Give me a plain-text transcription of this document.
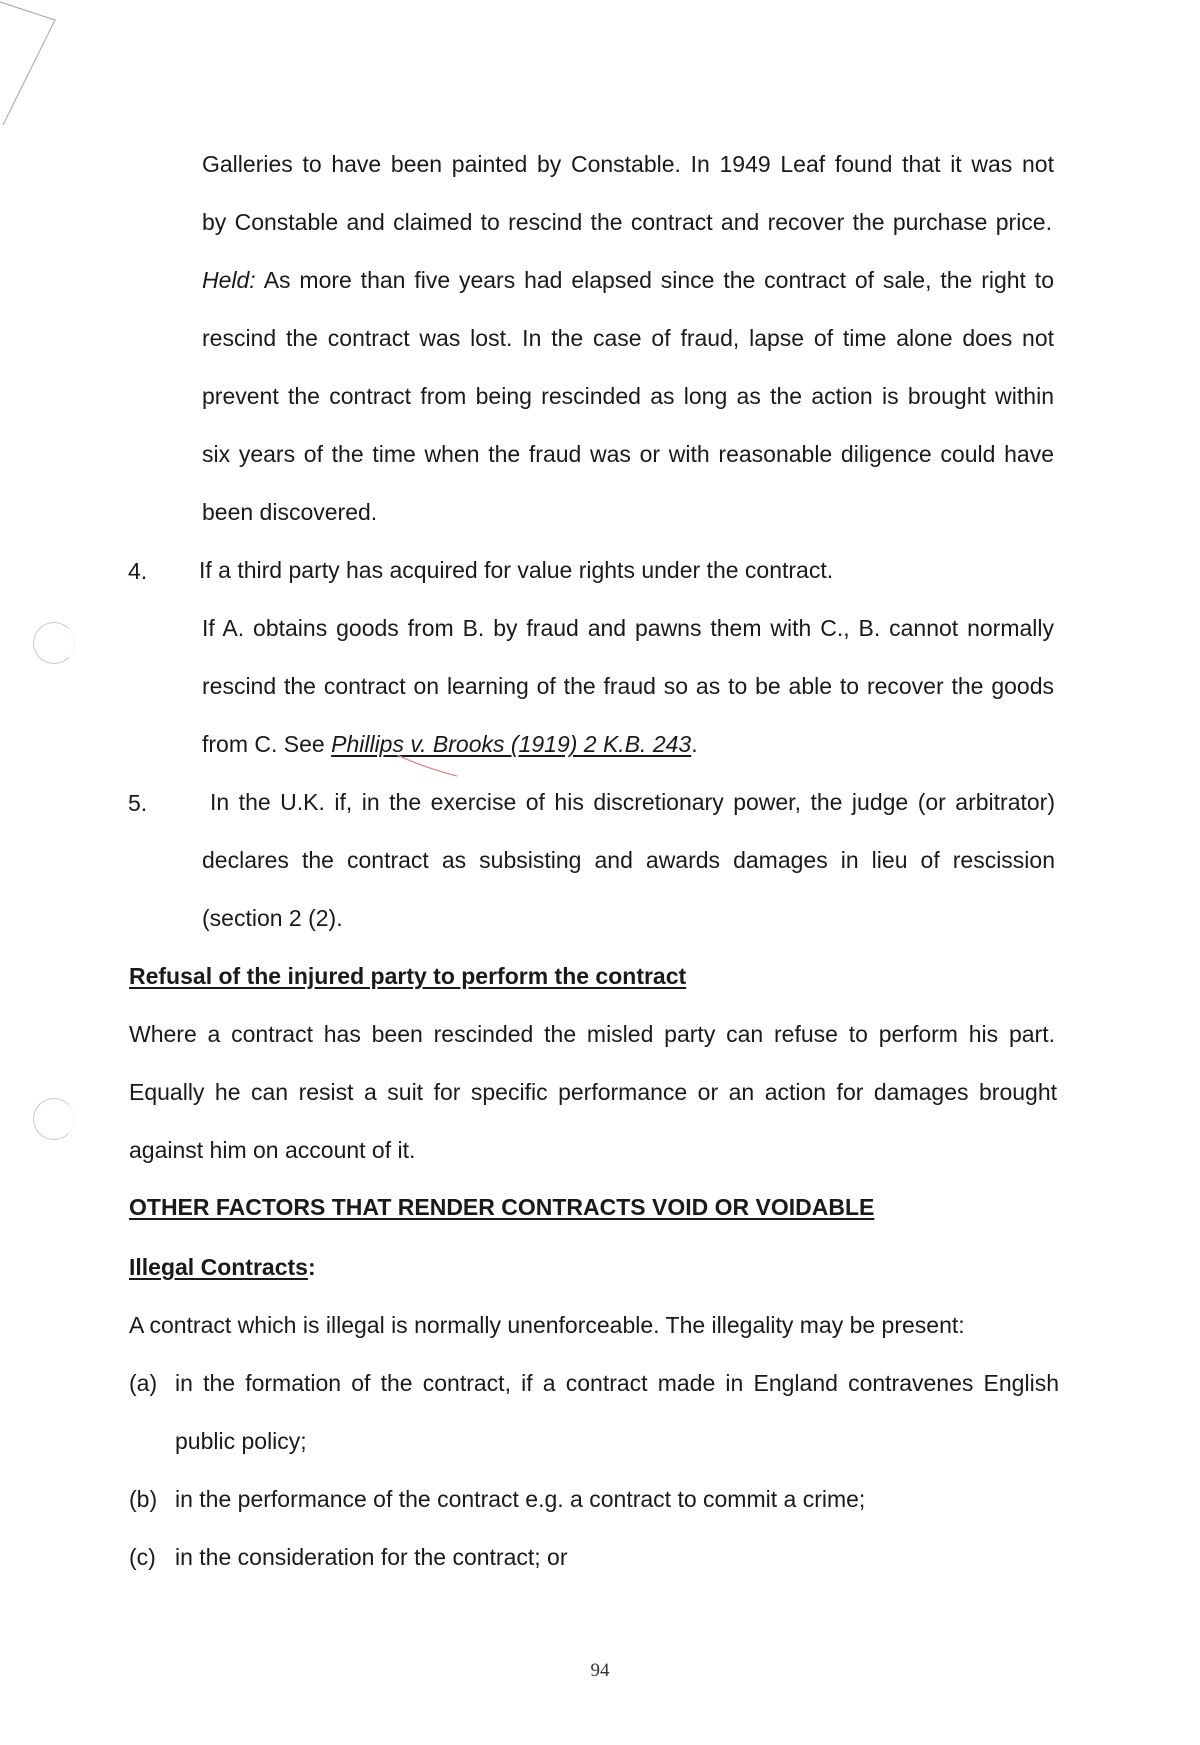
Galleries to have been painted by Constable. In 1949 Leaf found that it was not
by Constable and claimed to rescind the contract and recover the purchase price.
Held: As more than five years had elapsed since the contract of sale, the right to
rescind the contract was lost. In the case of fraud, lapse of time alone does not
prevent the contract from being rescinded as long as the action is brought within
six years of the time when the fraud was or with reasonable diligence could have
been discovered.
4. If a third party has acquired for value rights under the contract.
If A. obtains goods from B. by fraud and pawns them with C., B. cannot normally
rescind the contract on learning of the fraud so as to be able to recover the goods
from C. See Phillips v. Brooks (1919) 2 K.B. 243.
5.	In the U.K. if, in the exercise of his discretionary power, the judge (or arbitrator)
declares the contract as subsisting and awards damages in lieu of rescission
(section 2 (2).
Refusal of the injured party to perform the contract
Where a contract has been rescinded the misled party can refuse to perform his part.
Equally he can resist a suit for specific performance or an action for damages brought
against him on account of it.
OTHER FACTORS THAT RENDER CONTRACTS VOID OR VOIDABLE
Illegal Contracts:
A contract which is illegal is normally unenforceable. The illegality may be present:
(a) in the formation of the contract, if a contract made in England contravenes English
public policy;
(b) in the performance of the contract e.g. a contract to commit a crime;
(c) in the consideration for the contract; or
94
